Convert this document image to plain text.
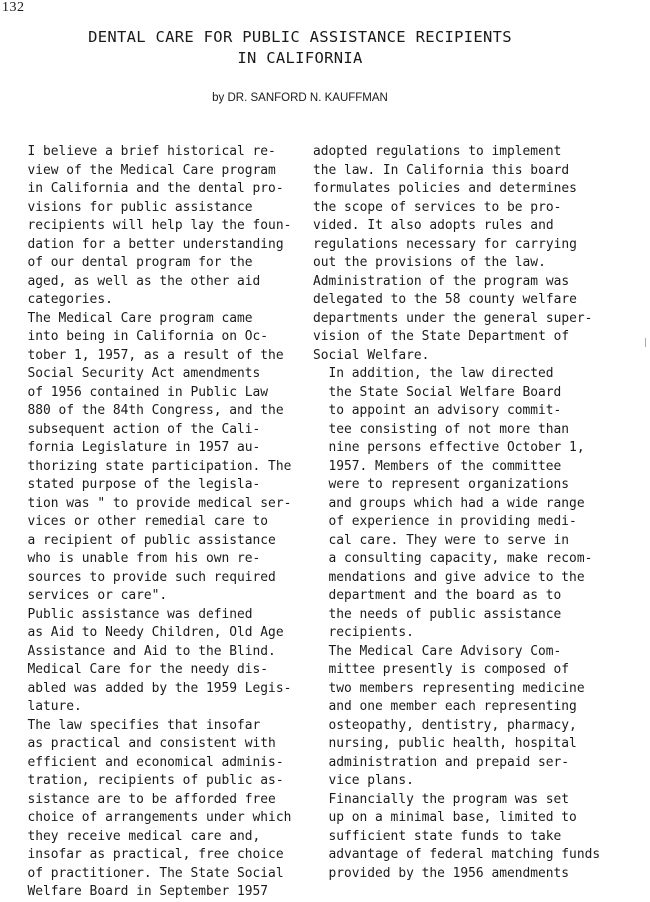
132
DENTAL CARE FOR PUBLIC ASSISTANCE RECIPIENTS
IN CALIFORNIA
by DR. SANFORD N. KAUFFMAN

I believe a brief historical re-
view of the Medical Care program
in California and the dental pro-
visions for public assistance
recipients will help lay the foun-
dation for a better understanding
of our dental program for the
aged, as well as the other aid
categories.

The Medical Care program came
into being in California on Oc-
tober 1, 1957, as a result of the
Social Security Act amendments
of 1956 contained in Public Law
880 of the 84th Congress, and the
subsequent action of the Cali-
fornia Legislature in 1957 au-
thorizing state participation. The
stated purpose of the legisla-
tion was " to provide medical ser-
vices or other remedial care to
a recipient of public assistance
who is unable from his own re-
sources to provide such required
services or care".

Public assistance was defined
as Aid to Needy Children, Old Age
Assistance and Aid to the Blind.
Medical Care for the needy dis-
abled was added by the 1959 Legis-
lature.

The law specifies that insofar
as practical and consistent with
efficient and economical adminis-
tration, recipients of public as-
sistance are to be afforded free
choice of arrangements under which
they receive medical care and,
insofar as practical, free choice
of practitioner. The State Social
Welfare Board in September 1957

adopted regulations to implement
the law. In California this board
formulates policies and determines
the scope of services to be pro-
vided. It also adopts rules and
regulations necessary for carrying
out the provisions of the law.
Administration of the program was
delegated to the 58 county welfare
departments under the general super-
vision of the State Department of
Social Welfare.

In addition, the law directed
the State Social Welfare Board
to appoint an advisory commit-
tee consisting of not more than
nine persons effective October 1,
1957. Members of the committee
were to represent organizations
and groups which had a wide range
of experience in providing medi-
cal care. They were to serve in
a consulting capacity, make recom-
mendations and give advice to the
department and the board as to
the needs of public assistance
recipients.

The Medical Care Advisory Com-
mittee presently is composed of
two members representing medicine
and one member each representing
osteopathy, dentistry, pharmacy,
nursing, public health, hospital
administration and prepaid ser-
vice plans.

Financially the program was set
up on a minimal base, limited to
sufficient state funds to take
advantage of federal matching funds
provided by the 1956 amendments
